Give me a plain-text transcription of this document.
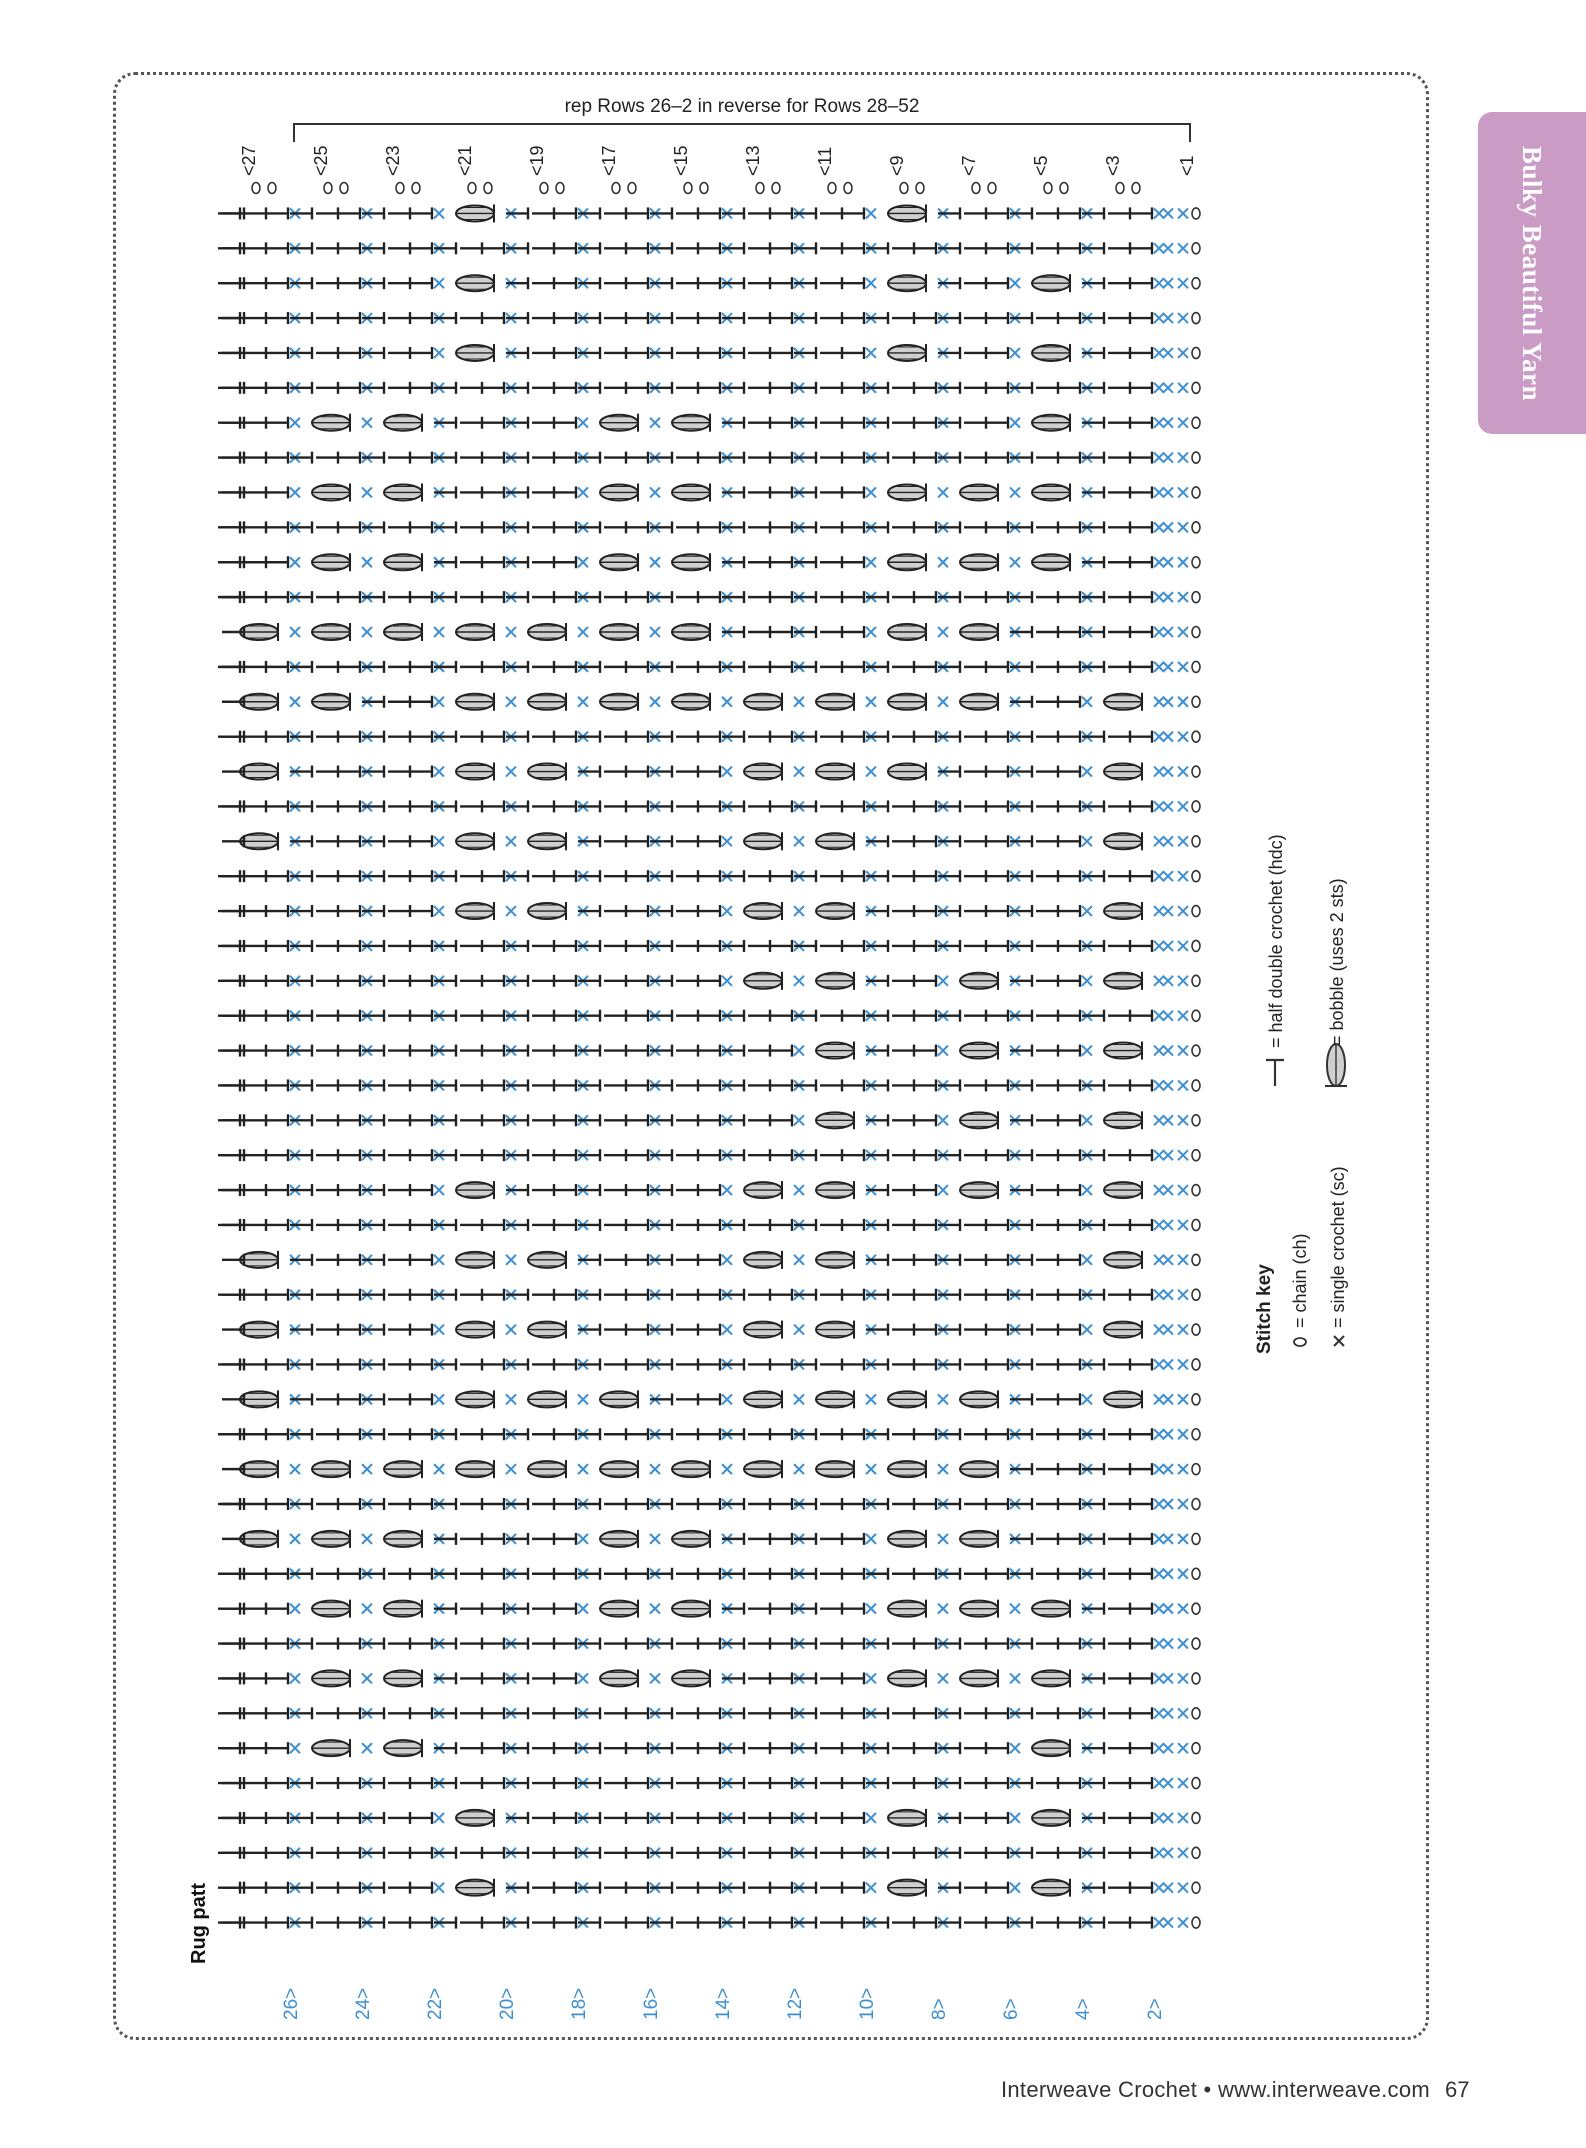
Bulky Beautiful Yarn
<27	<25	<23	<21	<19	<17	<15	<13	<11	<9	<7	<5	<3	<1
26>	24>	22>	20>	18>	16>	14>	12>	10>	8>	6>	4>	2>
Rug patt
rep Rows 26–2 in reverse for Rows 28–52
Stitch key = chain (ch) = single crochet (sc)
= half double crochet (hdc) = bobble (uses 2 sts)
Interweave Crochet • www.interweave.com 67
